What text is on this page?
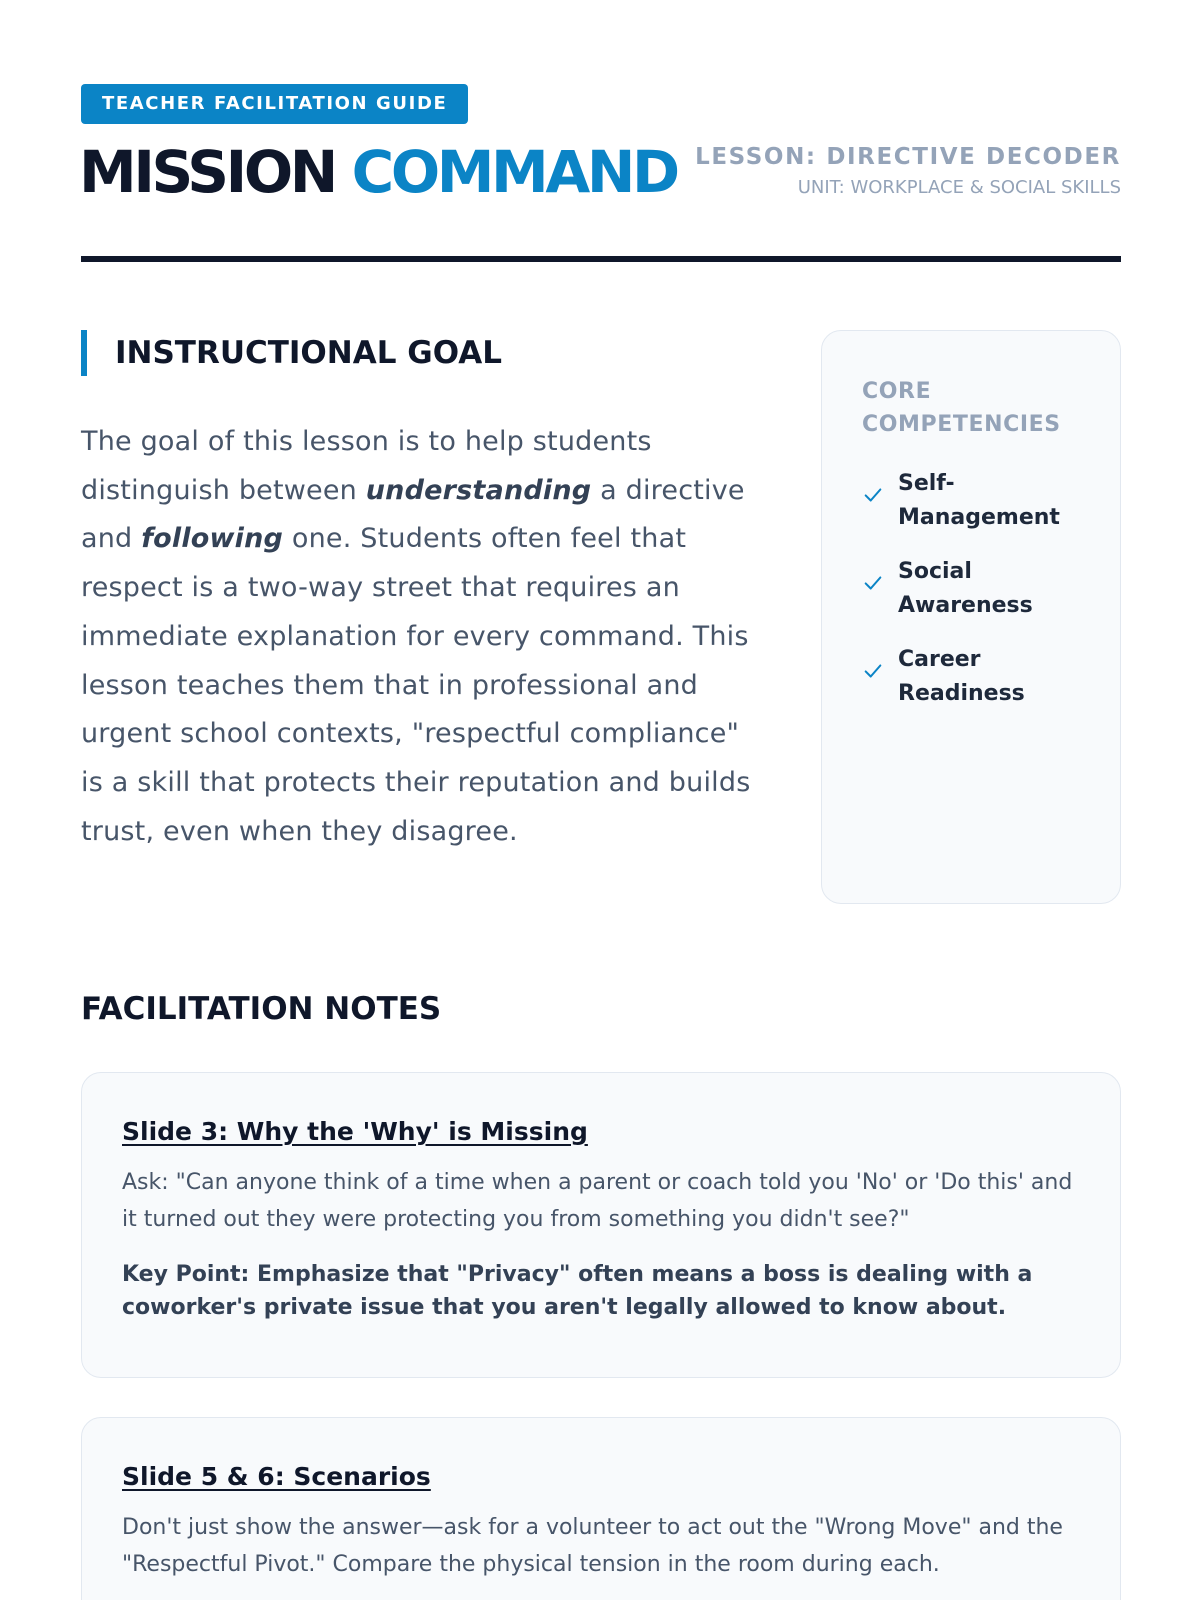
TEACHER FACILITATION GUIDE
MISSION COMMAND LESSON: DIRECTIVE DECODER
UNIT: WORKPLACE & SOCIAL SKILLS
INSTRUCTIONAL GOAL

The goal of this lesson is to help students distinguish between understanding a directive and following one. Students often feel that respect is a two-way street that requires an immediate explanation for every command. This lesson teaches them that in professional and urgent school contexts, "respectful compliance" is a skill that protects their reputation and builds trust, even when they disagree.

CORE COMPETENCIES
Self-Management
Social Awareness
Career Readiness
FACILITATION NOTES
Slide 3: Why the 'Why' is Missing
Ask: "Can anyone think of a time when a parent or coach told you 'No' or 'Do this' and it turned out they were protecting you from something you didn't see?"
Key Point: Emphasize that "Privacy" often means a boss is dealing with a coworker's private issue that you aren't legally allowed to know about.
Slide 5 & 6: Scenarios
Don't just show the answer—ask for a volunteer to act out the "Wrong Move" and the "Respectful Pivot." Compare the physical tension in the room during each.
